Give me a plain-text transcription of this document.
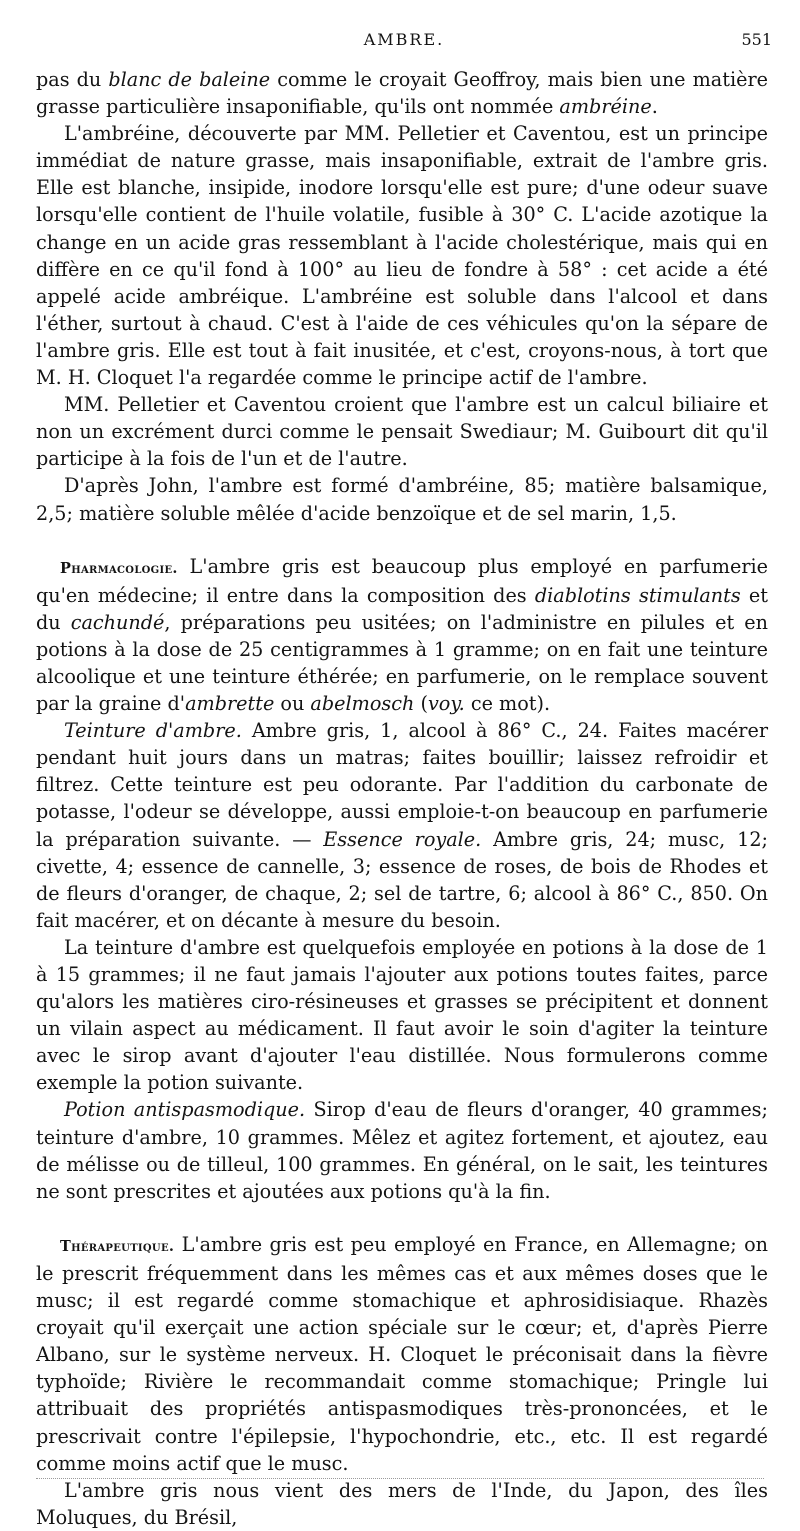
AMBRE.	551

pas du blanc de baleine comme le croyait Geoffroy, mais bien une matière grasse particulière insaponifiable, qu'ils ont nommée ambréine.

L'ambréine, découverte par MM. Pelletier et Caventou, est un principe immédiat de nature grasse, mais insaponifiable, extrait de l'ambre gris. Elle est blanche, insipide, inodore lorsqu'elle est pure; d'une odeur suave lorsqu'elle contient de l'huile volatile, fusible à 30° C. L'acide azotique la change en un acide gras ressemblant à l'acide cholestérique, mais qui en diffère en ce qu'il fond à 100° au lieu de fondre à 58° : cet acide a été appelé acide ambréique. L'ambréine est soluble dans l'alcool et dans l'éther, surtout à chaud. C'est à l'aide de ces véhicules qu'on la sépare de l'ambre gris. Elle est tout à fait inusitée, et c'est, croyons-nous, à tort que M. H. Cloquet l'a regardée comme le principe actif de l'ambre.

MM. Pelletier et Caventou croient que l'ambre est un calcul biliaire et non un excrément durci comme le pensait Swediaur; M. Guibourt dit qu'il participe à la fois de l'un et de l'autre.

D'après John, l'ambre est formé d'ambréine, 85; matière balsamique, 2,5; matière soluble mêlée d'acide benzoïque et de sel marin, 1,5.

Pharmacologie. L'ambre gris est beaucoup plus employé en parfumerie qu'en médecine; il entre dans la composition des diablotins stimulants et du cachundé, préparations peu usitées; on l'administre en pilules et en potions à la dose de 25 centigrammes à 1 gramme; on en fait une teinture alcoolique et une teinture éthérée; en parfumerie, on le remplace souvent par la graine d'ambrette ou abelmosch (voy. ce mot).

Teinture d'ambre. Ambre gris, 1, alcool à 86° C., 24. Faites macérer pendant huit jours dans un matras; faites bouillir; laissez refroidir et filtrez. Cette teinture est peu odorante. Par l'addition du carbonate de potasse, l'odeur se développe, aussi emploie-t-on beaucoup en parfumerie la préparation suivante. — Essence royale. Ambre gris, 24; musc, 12; civette, 4; essence de cannelle, 3; essence de roses, de bois de Rhodes et de fleurs d'oranger, de chaque, 2; sel de tartre, 6; alcool à 86° C., 850. On fait macérer, et on décante à mesure du besoin.

La teinture d'ambre est quelquefois employée en potions à la dose de 1 à 15 grammes; il ne faut jamais l'ajouter aux potions toutes faites, parce qu'alors les matières ciro-résineuses et grasses se précipitent et donnent un vilain aspect au médicament. Il faut avoir le soin d'agiter la teinture avec le sirop avant d'ajouter l'eau distillée. Nous formulerons comme exemple la potion suivante.

Potion antispasmodique. Sirop d'eau de fleurs d'oranger, 40 grammes; teinture d'ambre, 10 grammes. Mêlez et agitez fortement, et ajoutez, eau de mélisse ou de tilleul, 100 grammes. En général, on le sait, les teintures ne sont prescrites et ajoutées aux potions qu'à la fin.

Thérapeutique. L'ambre gris est peu employé en France, en Allemagne; on le prescrit fréquemment dans les mêmes cas et aux mêmes doses que le musc; il est regardé comme stomachique et aphrosidisiaque. Rhazès croyait qu'il exerçait une action spéciale sur le cœur; et, d'après Pierre Albano, sur le système nerveux. H. Cloquet le préconisait dans la fièvre typhoïde; Rivière le recommandait comme stomachique; Pringle lui attribuait des propriétés antispasmodiques très-prononcées, et le prescrivait contre l'épilepsie, l'hypochondrie, etc., etc. Il est regardé comme moins actif que le musc.

L'ambre gris nous vient des mers de l'Inde, du Japon, des îles Moluques, du Brésil,
